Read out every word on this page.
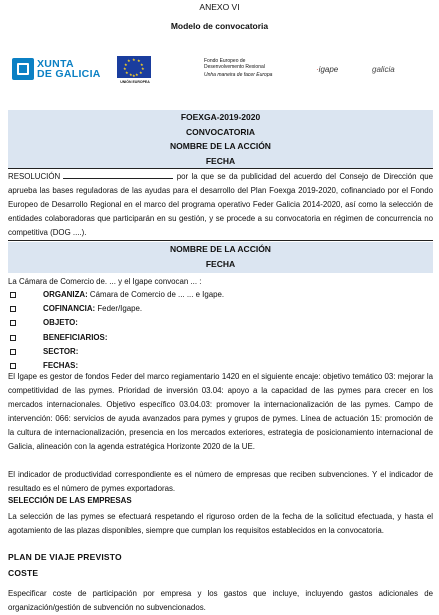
ANEXO VI
Modelo de convocatoria
XUNTA
DE GALICIA
★ ★
★
★
★
★
★
★
★
★
★
★
UNIÓN EUROPEA
Fondo Europeo de
Desenvolvemento Rexional
Unha maneira de facer Europa
·igape	galicia
FOEXGA-2019-2020
CONVOCATORIA
NOMBRE DE LA ACCIÓN
FECHA
RESOLUCIÓN	por la que se da publicidad del acuerdo del Consejo de Dirección que aprueba las bases reguladoras de las ayudas para el desarrollo del Plan Foexga 2019-2020, cofinanciado por el Fondo Europeo de Desarrollo Regional en el marco del programa operativo Feder Galicia 2014-2020, así como la selección de entidades colaboradoras que participarán en su gestión, y se procede a su convocatoria en régimen de concurrencia no competitiva (DOG ....).
NOMBRE DE LA ACCIÓN
FECHA
La Cámara de Comercio de. ... y el Igape convocan ... :
ORGANIZA: Cámara de Comercio de ... ... e Igape.
COFINANCIA: Feder/Igape.
OBJETO:
BENEFICIARIOS:
SECTOR:
FECHAS:
El Igape es gestor de fondos Feder del marco regiamentario 1420 en el siguiente encaje: objetivo temático 03: mejorar la competitividad de las pymes. Prioridad de inversión 03.04: apoyo a la capacidad de las pymes para crecer en los mercados internacionales. Objetivo específico 03.04.03: promover la internacionalización de las pymes. Campo de intervención: 066: servicios de ayuda avanzados para pymes y grupos de pymes. Línea de actuación 15: promoción de la cultura de internacionalización, presencia en los mercados exteriores, estrategia de posicionamiento internacional de Galicia, alineación con la agenda estratégica Horizonte 2020 de la UE.
El indicador de productividad correspondiente es el número de empresas que reciben subvenciones. Y el indicador de resultado es el número de pymes exportadoras.
SELECCIÓN DE LAS EMPRESAS
La selección de las pymes se efectuará respetando el riguroso orden de la fecha de la solicitud efectuada, y hasta el agotamiento de las plazas disponibles, siempre que cumplan los requisitos establecidos en la convocatoria.
PLAN DE VIAJE PREVISTO
COSTE
Especificar coste de participación por empresa y los gastos que incluye, incluyendo gastos adicionales de organización/gestión de subvención no subvencionados.
